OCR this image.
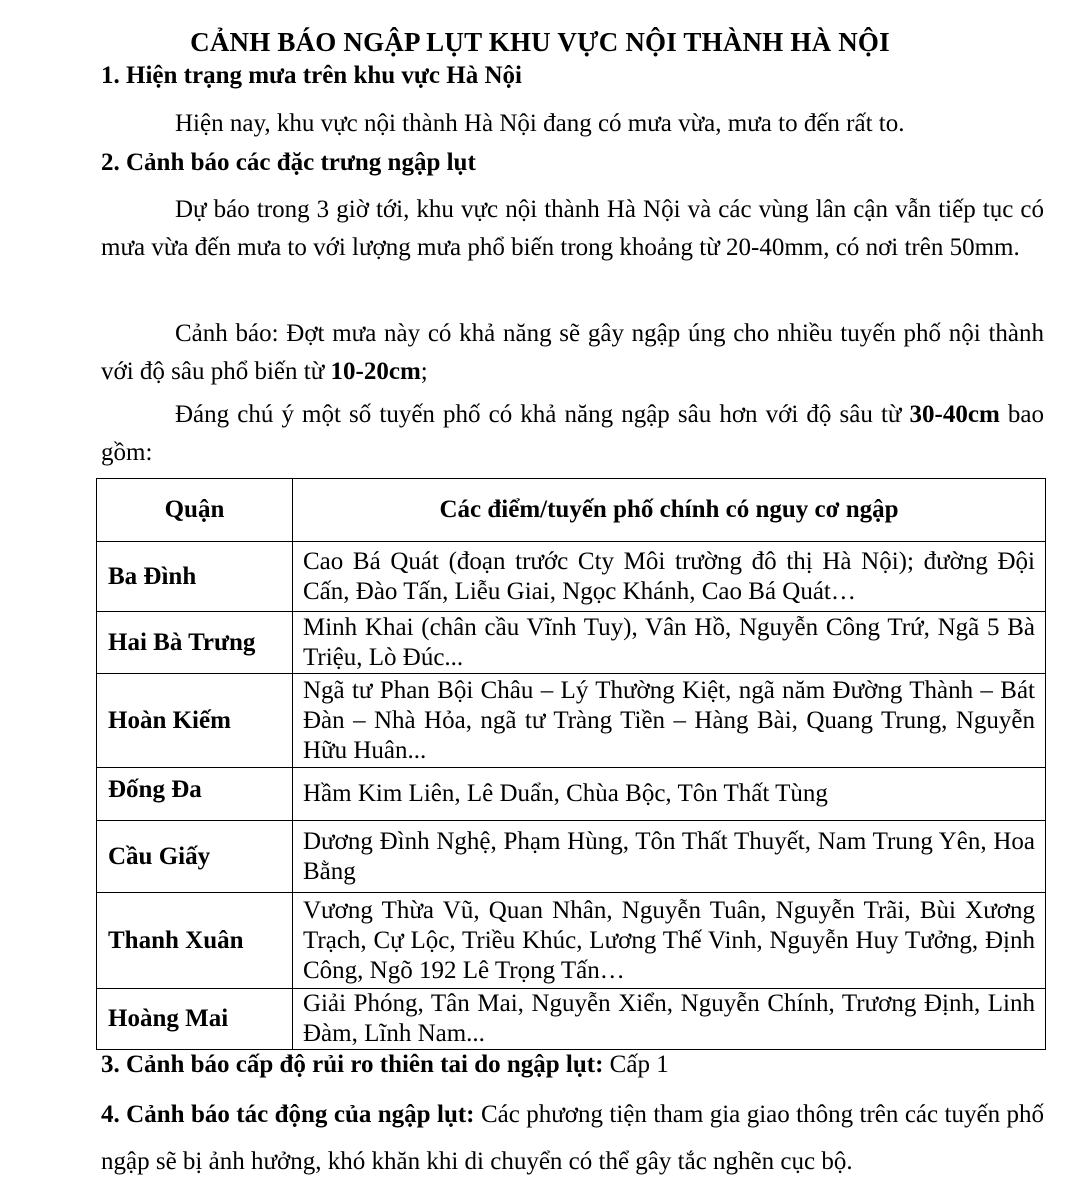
CẢNH BÁO NGẬP LỤT KHU VỰC NỘI THÀNH HÀ NỘI
1. Hiện trạng mưa trên khu vực Hà Nội
Hiện nay, khu vực nội thành Hà Nội đang có mưa vừa, mưa to đến rất to.
2. Cảnh báo các đặc trưng ngập lụt
Dự báo trong 3 giờ tới, khu vực nội thành Hà Nội và các vùng lân cận vẫn tiếp tục có mưa vừa đến mưa to với lượng mưa phổ biến trong khoảng từ 20-40mm, có nơi trên 50mm.
Cảnh báo: Đợt mưa này có khả năng sẽ gây ngập úng cho nhiều tuyến phố nội thành với độ sâu phổ biến từ 10-20cm;
Đáng chú ý một số tuyến phố có khả năng ngập sâu hơn với độ sâu từ 30-40cm bao gồm:
Quận	Các điểm/tuyến phố chính có nguy cơ ngập
Ba Đình	Cao Bá Quát (đoạn trước Cty Môi trường đô thị Hà Nội); đường Đội Cấn, Đào Tấn, Liễu Giai, Ngọc Khánh, Cao Bá Quát…
Hai Bà Trưng	Minh Khai (chân cầu Vĩnh Tuy), Vân Hồ, Nguyễn Công Trứ, Ngã 5 Bà Triệu, Lò Đúc...
Hoàn Kiếm	Ngã tư Phan Bội Châu – Lý Thường Kiệt, ngã năm Đường Thành – Bát Đàn – Nhà Hỏa, ngã tư Tràng Tiền – Hàng Bài, Quang Trung, Nguyễn Hữu Huân...
Đống Đa	Hầm Kim Liên, Lê Duẩn, Chùa Bộc, Tôn Thất Tùng
Cầu Giấy	Dương Đình Nghệ, Phạm Hùng, Tôn Thất Thuyết, Nam Trung Yên, Hoa Bằng
Thanh Xuân	Vương Thừa Vũ, Quan Nhân, Nguyễn Tuân, Nguyễn Trãi, Bùi Xương Trạch, Cự Lộc, Triều Khúc, Lương Thế Vinh, Nguyễn Huy Tưởng, Định Công, Ngõ 192 Lê Trọng Tấn…
Hoàng Mai	Giải Phóng, Tân Mai, Nguyễn Xiển, Nguyễn Chính, Trương Định, Linh Đàm, Lĩnh Nam...
3. Cảnh báo cấp độ rủi ro thiên tai do ngập lụt: Cấp 1
4. Cảnh báo tác động của ngập lụt: Các phương tiện tham gia giao thông trên các tuyến phố ngập sẽ bị ảnh hưởng, khó khăn khi di chuyển có thể gây tắc nghẽn cục bộ.
